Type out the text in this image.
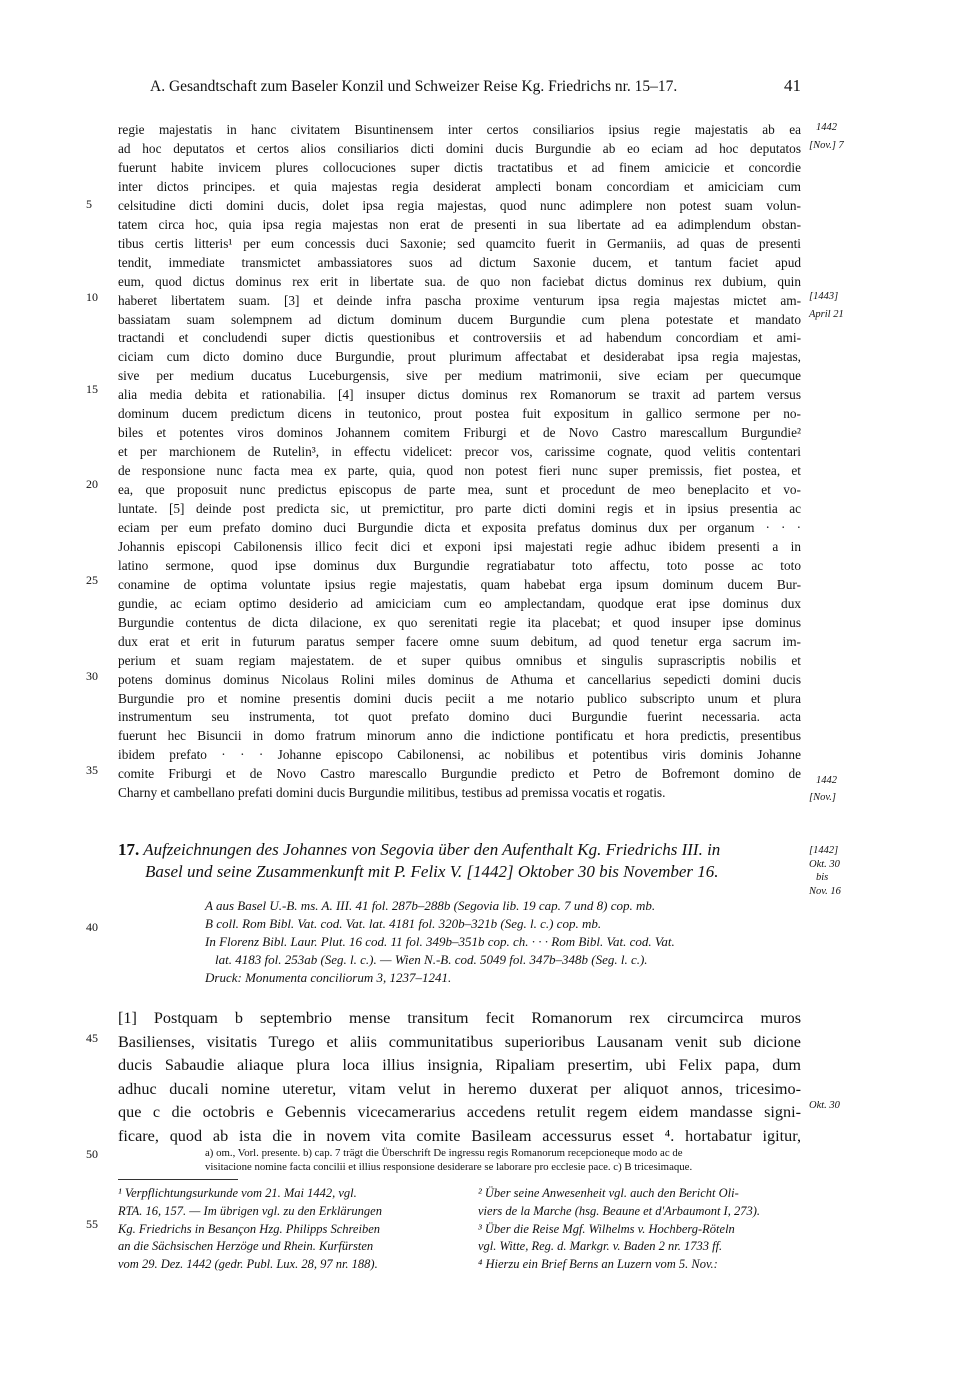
A. Gesandtschaft zum Baseler Konzil und Schweizer Reise Kg. Friedrichs nr. 15–17.	41
regie majestatis in hanc civitatem Bisuntinensem inter certos consiliarios ipsius regie majestatis ab ea
ad hoc deputatos et certos alios consiliarios dicti domini ducis Burgundie ab eo eciam ad hoc deputatos
fuerunt habite invicem plures collocuciones super dictis tractatibus et ad finem amicicie et concordie
inter dictos principes. et quia majestas regia desiderat amplecti bonam concordiam et amiciciam cum
celsitudine dicti domini ducis, dolet ipsa regia majestas, quod nunc adimplere non potest suam volun-
tatem circa hoc, quia ipsa regia majestas non erat de presenti in sua libertate ad ea adimplendum obstan-
tibus certis litteris¹ per eum concessis duci Saxonie; sed quamcito fuerit in Germaniis, ad quas de presenti
tendit, immediate transmictet ambassiatores suos ad dictum Saxonie ducem, et tantum faciet apud
eum, quod dictus dominus rex erit in libertate sua. de quo non faciebat dictus dominus rex dubium, quin
haberet libertatem suam. [3] et deinde infra pascha proxime venturum ipsa regia majestas mictet am-
bassiatam suam solempnem ad dictum dominum ducem Burgundie cum plena potestate et mandato
tractandi et concludendi super dictis questionibus et controversiis et ad habendum concordiam et ami-
ciciam cum dicto domino duce Burgundie, prout plurimum affectabat et desiderabat ipsa regia majestas,
sive per medium ducatus Luceburgensis, sive per medium matrimonii, sive eciam per quecumque
alia media debita et rationabilia. [4] insuper dictus dominus rex Romanorum se traxit ad partem versus
dominum ducem predictum dicens in teutonico, prout postea fuit expositum in gallico sermone per no-
biles et potentes viros dominos Johannem comitem Friburgi et de Novo Castro marescallum Burgundie²
et per marchionem de Rutelin³, in effectu videlicet: precor vos, carissime cognate, quod velitis contentari
de responsione nunc facta mea ex parte, quia, quod non potest fieri nunc super premissis, fiet postea, et
ea, que proposuit nunc predictus episcopus de parte mea, sunt et procedunt de meo beneplacito et vo-
luntate. [5] deinde post predicta sic, ut premictitur, pro parte dicti domini regis et in ipsius presentia ac
eciam per eum prefato domino duci Burgundie dicta et exposita prefatus dominus dux per organum · · ·
Johannis episcopi Cabilonensis illico fecit dici et exponi ipsi majestati regie adhuc ibidem presenti a in
latino sermone, quod ipse dominus dux Burgundie regratiabatur toto affectu, toto posse ac toto
conamine de optima voluntate ipsius regie majestatis, quam habebat erga ipsum dominum ducem Bur-
gundie, ac eciam optimo desiderio ad amiciciam cum eo amplectandam, quodque erat ipse dominus dux
Burgundie contentus de dicta dilacione, ex quo serenitati regie ita placebat; et quod insuper ipse dominus
dux erat et erit in futurum paratus semper facere omne suum debitum, ad quod tenetur erga sacrum im-
perium et suam regiam majestatem. de et super quibus omnibus et singulis suprascriptis nobilis et
potens dominus dominus Nicolaus Rolini miles dominus de Athuma et cancellarius sepedicti domini ducis
Burgundie pro et nomine presentis domini ducis peciit a me notario publico subscripto unum et plura
instrumentum seu instrumenta, tot quot prefato domino duci Burgundie fuerint necessaria. acta
fuerunt hec Bisuncii in domo fratrum minorum anno die indictione pontificatu et hora predictis, presentibus
ibidem prefato · · · Johanne episcopo Cabilonensi, ac nobilibus et potentibus viris dominis Johanne
comite Friburgi et de Novo Castro marescallo Burgundie predicto et Petro de Bofremont domino de
Charny et cambellano prefati domini ducis Burgundie militibus, testibus ad premissa vocatis et rogatis.
5
10
15
20
25
30
35
1442
[Nov.] 7
[1443]
April 21
1442
[Nov.]
17. Aufzeichnungen des Johannes von Segovia über den Aufenthalt Kg. Friedrichs III. in
Basel und seine Zusammenkunft mit P. Felix V. [1442] Oktober 30 bis November 16.
[1442]
Okt. 30
bis
Nov. 16
A aus Basel U.-B. ms. A. III. 41 fol. 287b–288b (Segovia lib. 19 cap. 7 und 8) cop. mb.
B coll. Rom Bibl. Vat. cod. Vat. lat. 4181 fol. 320b–321b (Seg. l. c.) cop. mb.
In Florenz Bibl. Laur. Plut. 16 cod. 11 fol. 349b–351b cop. ch. · · · Rom Bibl. Vat. cod. Vat.
lat. 4183 fol. 253ab (Seg. l. c.). — Wien N.-B. cod. 5049 fol. 347b–348b (Seg. l. c.).
Druck: Monumenta conciliorum 3, 1237–1241.
40
[1] Postquam b septembrio mense transitum fecit Romanorum rex circumcirca muros
Basilienses, visitatis Turego et aliis communitatibus superioribus Lausanam venit sub dicione
ducis Sabaudie aliaque plura loca illius insignia, Ripaliam presertim, ubi Felix papa, dum
adhuc ducali nomine uteretur, vitam velut in heremo duxerat per aliquot annos, tricesimo-
que c die octobris e Gebennis vicecamerarius accedens retulit regem eidem mandasse signi-
ficare, quod ab ista die in novem vita comite Basileam accessurus esset ⁴. hortabatur igitur,
45
50
Okt. 30
a) om., Vorl. presente. b) cap. 7 trägt die Überschrift De ingressu regis Romanorum recepcioneque modo ac de
visitacione nomine facta concilii et illius responsione desiderare se laborare pro ecclesie pace. c) B tricesimaque.
¹ Verpflichtungsurkunde vom 21. Mai 1442, vgl.
RTA. 16, 157. — Im übrigen vgl. zu den Erklärungen
Kg. Friedrichs in Besançon Hzg. Philipps Schreiben
an die Sächsischen Herzöge und Rhein. Kurfürsten
vom 29. Dez. 1442 (gedr. Publ. Lux. 28, 97 nr. 188).
² Über seine Anwesenheit vgl. auch den Bericht Oli-
viers de la Marche (hsg. Beaune et d'Arbaumont I, 273).
³ Über die Reise Mgf. Wilhelms v. Hochberg-Röteln
vgl. Witte, Reg. d. Markgr. v. Baden 2 nr. 1733 ff.
⁴ Hierzu ein Brief Berns an Luzern vom 5. Nov.:
55
